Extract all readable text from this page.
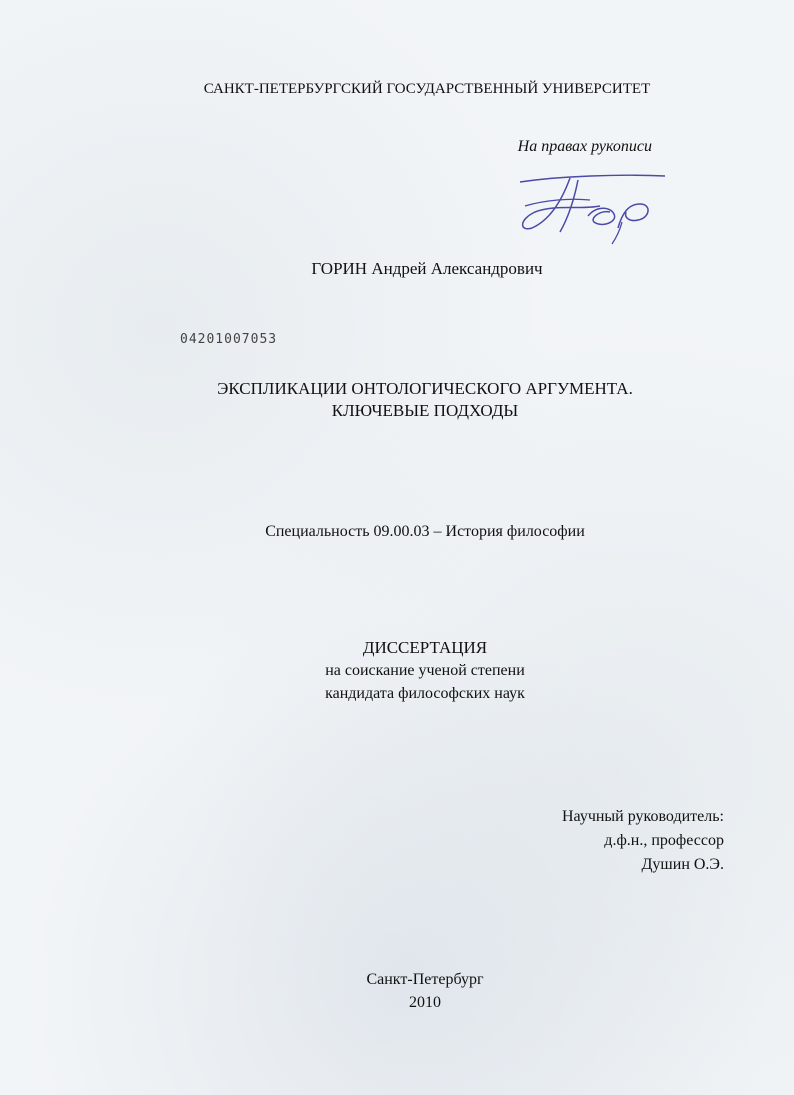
САНКТ-ПЕТЕРБУРГСКИЙ ГОСУДАРСТВЕННЫЙ УНИВЕРСИТЕТ
На правах рукописи
ГОРИН Андрей Александрович
04201007053
ЭКСПЛИКАЦИИ ОНТОЛОГИЧЕСКОГО АРГУМЕНТА.
КЛЮЧЕВЫЕ ПОДХОДЫ
Специальность 09.00.03 – История философии
ДИССЕРТАЦИЯ
на соискание ученой степени
кандидата философских наук
Научный руководитель:
д.ф.н., профессор
Душин О.Э.
Санкт-Петербург
2010
